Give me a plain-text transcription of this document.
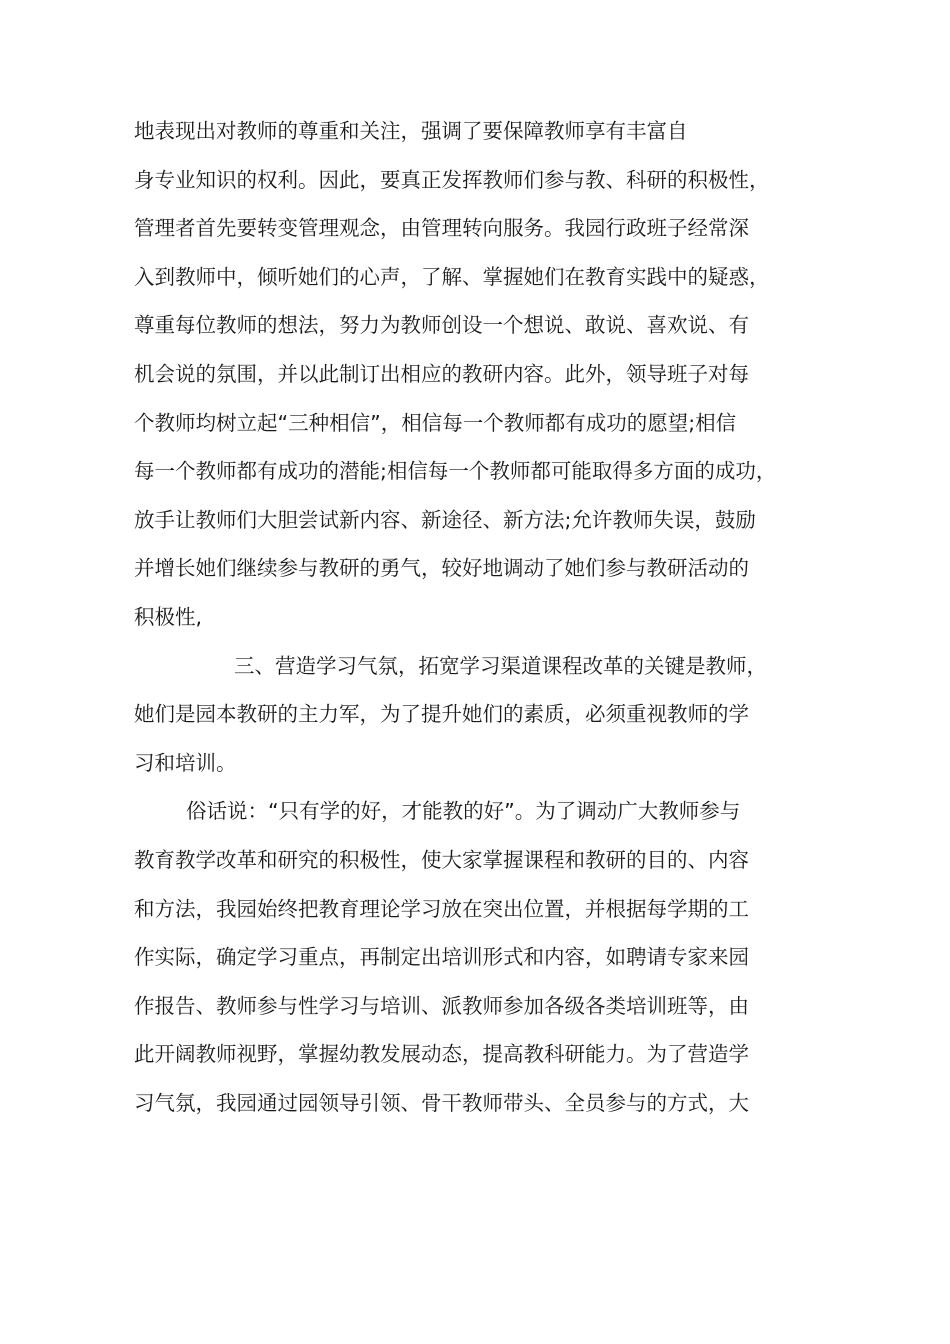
地表现出对教师的尊重和关注，强调了要保障教师享有丰富自
身专业知识的权利。因此，要真正发挥教师们参与教、科研的积极性，
管理者首先要转变管理观念，由管理转向服务。我园行政班子经常深
入到教师中，倾听她们的心声，了解、掌握她们在教育实践中的疑惑，
尊重每位教师的想法，努力为教师创设一个想说、敢说、喜欢说、有
机会说的氛围，并以此制订出相应的教研内容。此外，领导班子对每
个教师均树立起“三种相信”，相信每一个教师都有成功的愿望;相信
每一个教师都有成功的潜能;相信每一个教师都可能取得多方面的成功，
放手让教师们大胆尝试新内容、新途径、新方法;允许教师失误，鼓励
并增长她们继续参与教研的勇气，较好地调动了她们参与教研活动的
积极性,
三、营造学习气氛，拓宽学习渠道课程改革的关键是教师，
她们是园本教研的主力军，为了提升她们的素质，必须重视教师的学
习和培训。
俗话说：“只有学的好，才能教的好”。为了调动广大教师参与
教育教学改革和研究的积极性，使大家掌握课程和教研的目的、内容
和方法，我园始终把教育理论学习放在突出位置，并根据每学期的工
作实际，确定学习重点，再制定出培训形式和内容，如聘请专家来园
作报告、教师参与性学习与培训、派教师参加各级各类培训班等，由
此开阔教师视野，掌握幼教发展动态，提高教科研能力。为了营造学
习气氛，我园通过园领导引领、骨干教师带头、全员参与的方式，大
